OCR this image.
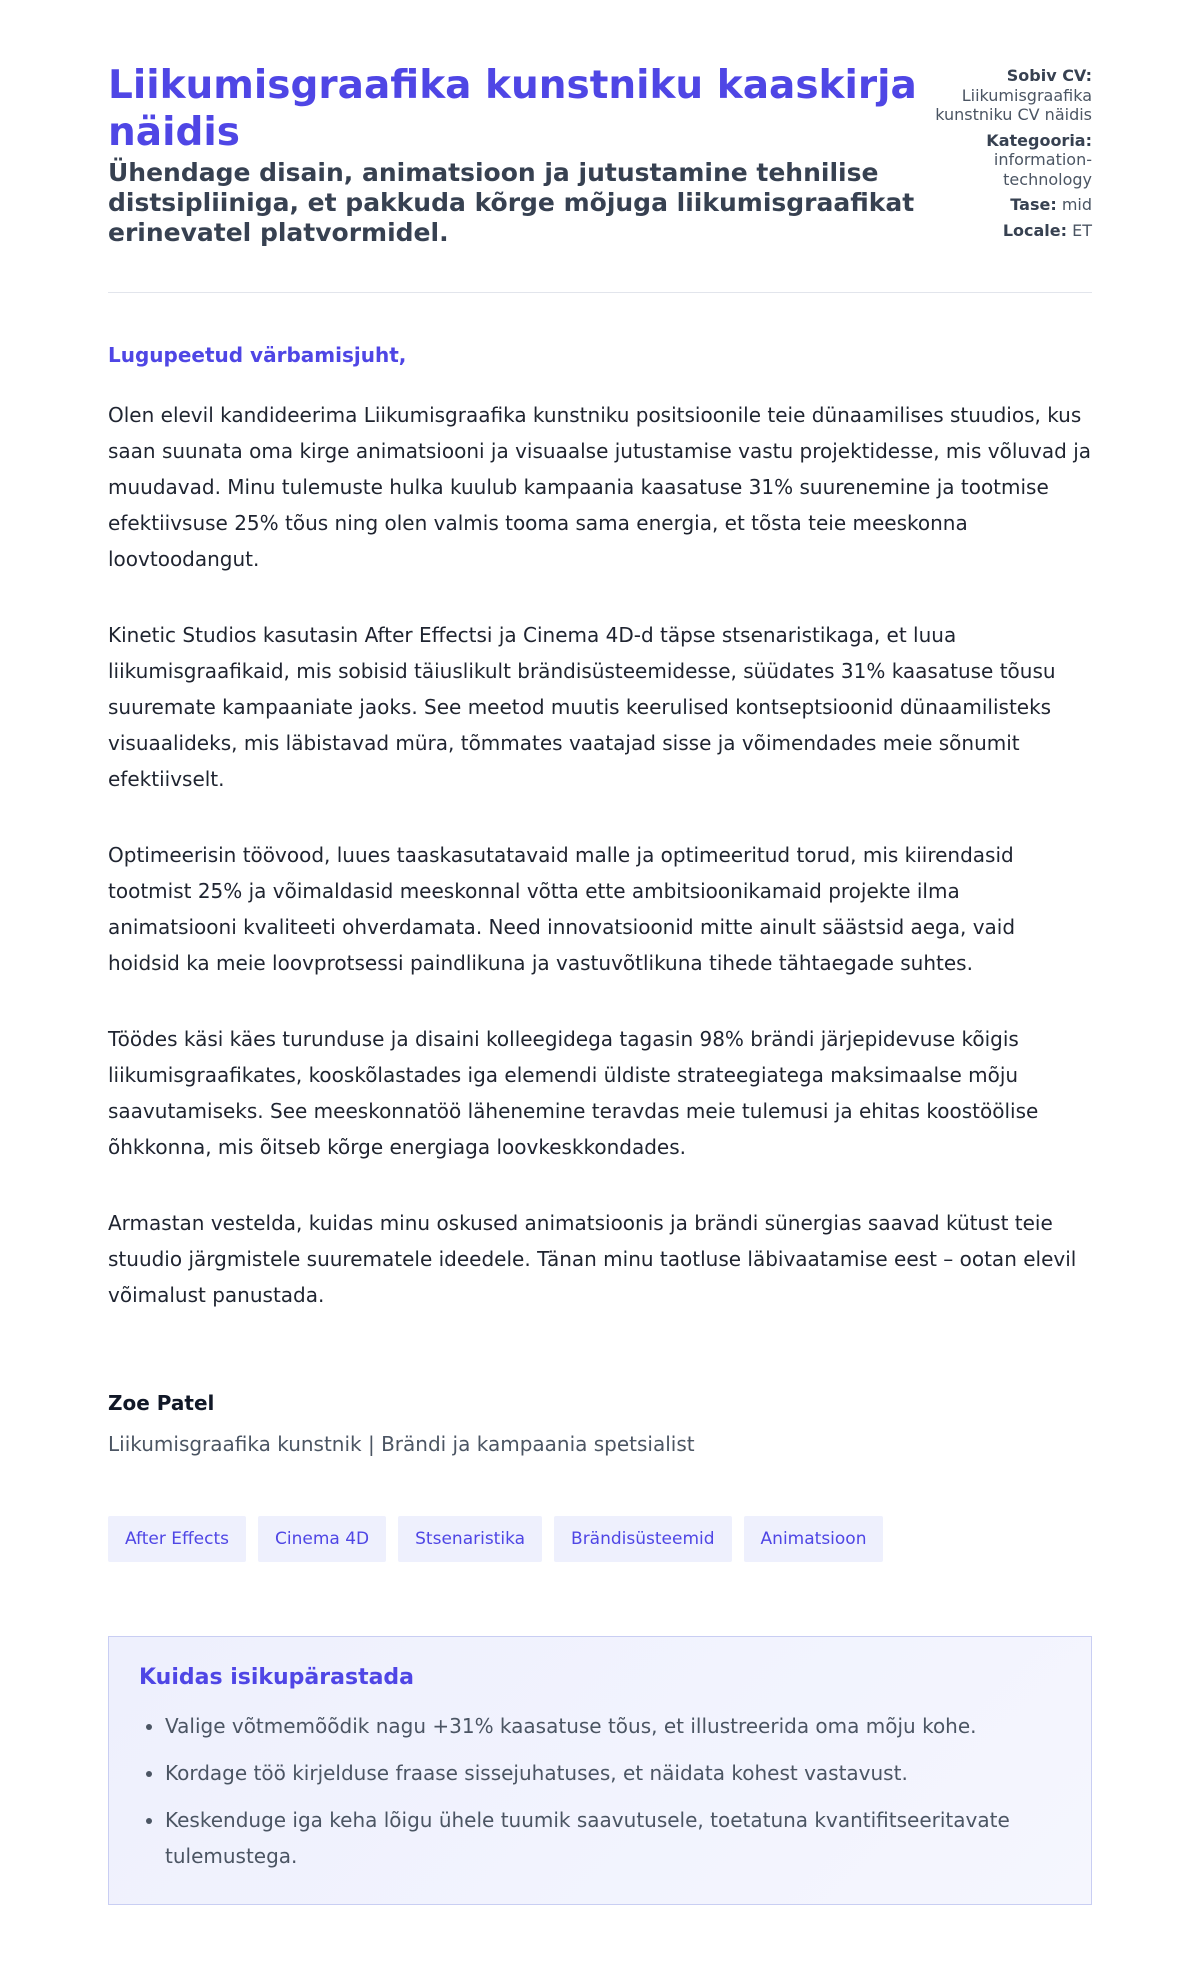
Liikumisgraafika kunstniku kaaskirja näidis

Ühendage disain, animatsioon ja jutustamine tehnilise distsipliiniga, et pakkuda kõrge mõjuga liikumisgraafikat erinevatel platvormidel.

Sobiv CV: Liikumisgraafika kunstniku CV näidis
Kategooria: information-technology
Tase: mid
Locale: ET

Lugupeetud värbamisjuht,

Olen elevil kandideerima Liikumisgraafika kunstniku positsioonile teie dünaamilises stuudios, kus saan suunata oma kirge animatsiooni ja visuaalse jutustamise vastu projektidesse, mis võluvad ja muudavad. Minu tulemuste hulka kuulub kampaania kaasatuse 31% suurenemine ja tootmise efektiivsuse 25% tõus ning olen valmis tooma sama energia, et tõsta teie meeskonna loovtoodangut.

Kinetic Studios kasutasin After Effectsi ja Cinema 4D-d täpse stsenaristikaga, et luua liikumisgraafikaid, mis sobisid täiuslikult brändisüsteemidesse, süüdates 31% kaasatuse tõusu suuremate kampaaniate jaoks. See meetod muutis keerulised kontseptsioonid dünaamilisteks visuaalideks, mis läbistavad müra, tõmmates vaatajad sisse ja võimendades meie sõnumit efektiivselt.

Optimeerisin töövood, luues taaskasutatavaid malle ja optimeeritud torud, mis kiirendasid tootmist 25% ja võimaldasid meeskonnal võtta ette ambitsioonikamaid projekte ilma animatsiooni kvaliteeti ohverdamata. Need innovatsioonid mitte ainult säästsid aega, vaid hoidsid ka meie loovprotsessi paindlikuna ja vastuvõtlikuna tihede tähtaegade suhtes.

Töödes käsi käes turunduse ja disaini kolleegidega tagasin 98% brändi järjepidevuse kõigis liikumisgraafikates, kooskõlastades iga elemendi üldiste strateegiatega maksimaalse mõju saavutamiseks. See meeskonnatöö lähenemine teravdas meie tulemusi ja ehitas koostöölise õhkkonna, mis õitseb kõrge energiaga loovkeskkondades.

Armastan vestelda, kuidas minu oskused animatsioonis ja brändi sünergias saavad kütust teie stuudio järgmistele suurematele ideedele. Tänan minu taotluse läbivaatamise eest – ootan elevil võimalust panustada.

Zoe Patel

Liikumisgraafika kunstnik | Brändi ja kampaania spetsialist

After Effects	Cinema 4D	Stsenaristika	Brändisüsteemid	Animatsioon
Kuidas isikupärastada
• Valige võtmemõõdik nagu +31% kaasatuse tõus, et illustreerida oma mõju kohe.
• Kordage töö kirjelduse fraase sissejuhatuses, et näidata kohest vastavust.
• Keskenduge iga keha lõigu ühele tuumik saavutusele, toetatuna kvantifitseeritavate tulemustega.
